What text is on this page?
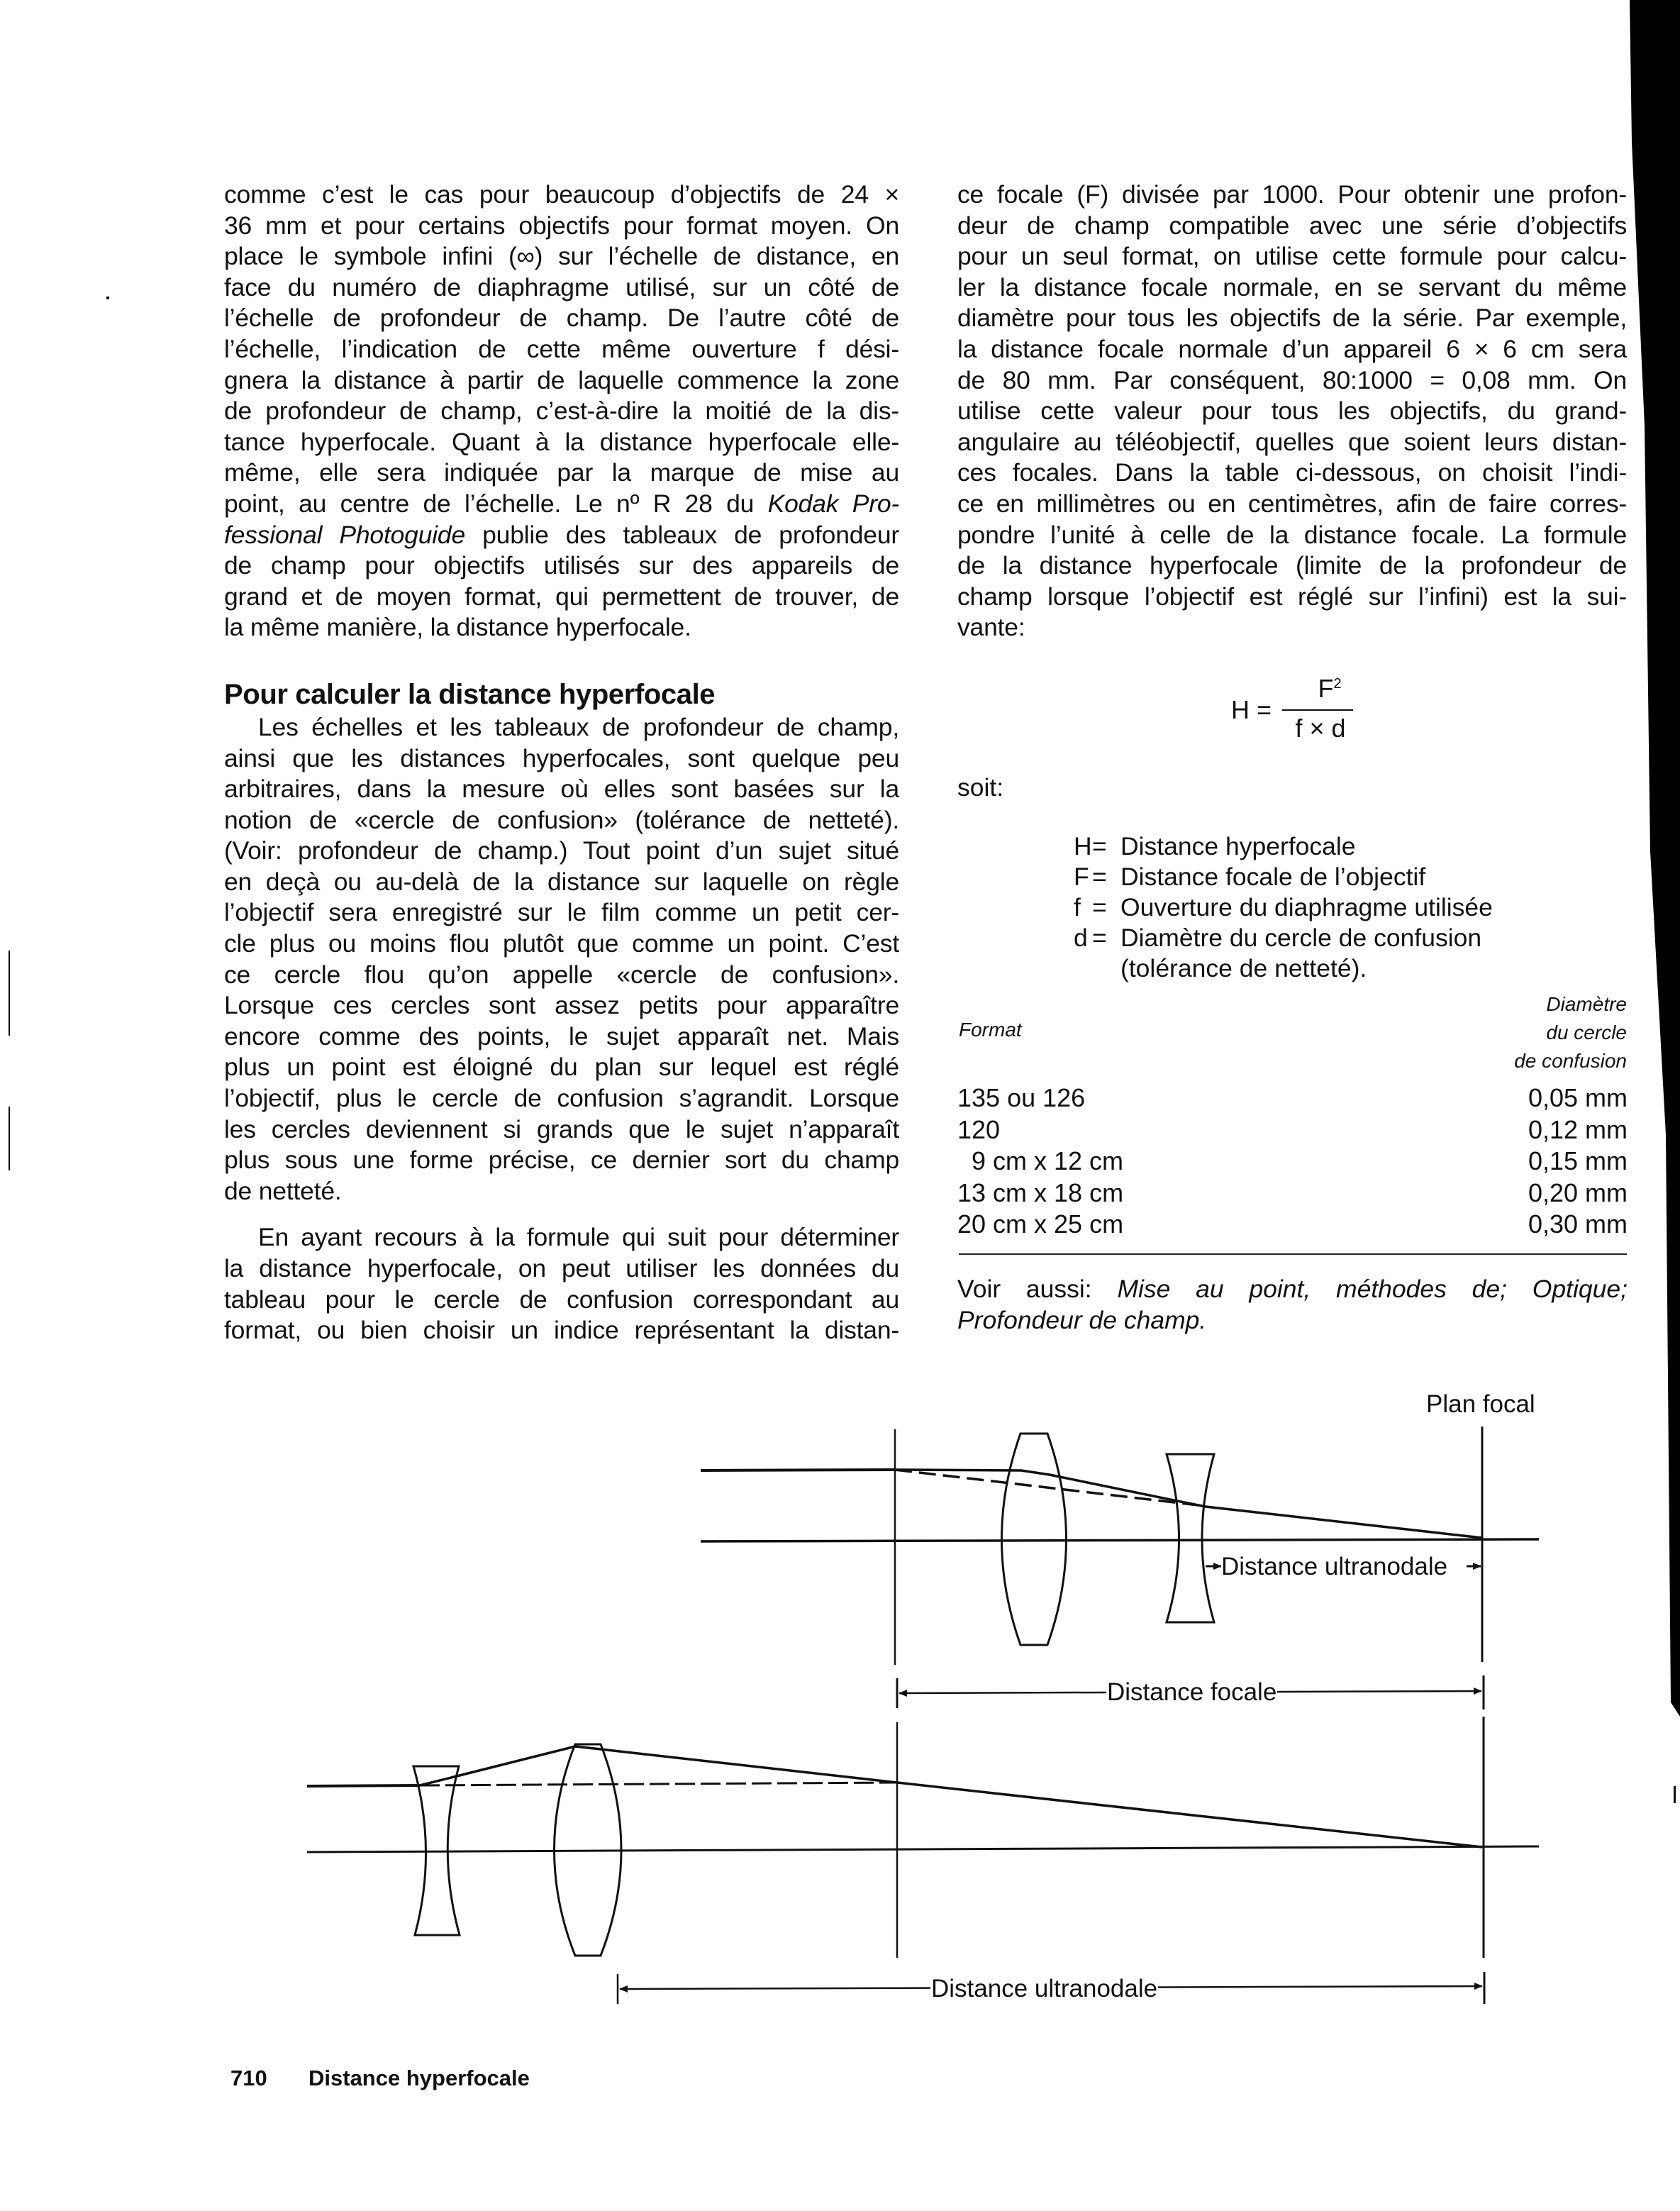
comme c’est le cas pour beaucoup d’objectifs de 24 ×
36 mm et pour certains objectifs pour format moyen. On
place le symbole infini (∞) sur l’échelle de distance, en
face du numéro de diaphragme utilisé, sur un côté de
l’échelle de profondeur de champ. De l’autre côté de
l’échelle, l’indication de cette même ouverture f dési-
gnera la distance à partir de laquelle commence la zone
de profondeur de champ, c’est-à-dire la moitié de la dis-
tance hyperfocale. Quant à la distance hyperfocale elle-
même, elle sera indiquée par la marque de mise au
point, au centre de l’échelle. Le nº R 28 du Kodak Pro-
fessional Photoguide publie des tableaux de profondeur
de champ pour objectifs utilisés sur des appareils de
grand et de moyen format, qui permettent de trouver, de
la même manière, la distance hyperfocale.
Pour calculer la distance hyperfocale
Les échelles et les tableaux de profondeur de champ,
ainsi que les distances hyperfocales, sont quelque peu
arbitraires, dans la mesure où elles sont basées sur la
notion de «cercle de confusion» (tolérance de netteté).
(Voir: profondeur de champ.) Tout point d’un sujet situé
en deçà ou au-delà de la distance sur laquelle on règle
l’objectif sera enregistré sur le film comme un petit cer-
cle plus ou moins flou plutôt que comme un point. C’est
ce cercle flou qu’on appelle «cercle de confusion».
Lorsque ces cercles sont assez petits pour apparaître
encore comme des points, le sujet apparaît net. Mais
plus un point est éloigné du plan sur lequel est réglé
l’objectif, plus le cercle de confusion s’agrandit. Lorsque
les cercles deviennent si grands que le sujet n’apparaît
plus sous une forme précise, ce dernier sort du champ
de netteté.
En ayant recours à la formule qui suit pour déterminer
la distance hyperfocale, on peut utiliser les données du
tableau pour le cercle de confusion correspondant au
format, ou bien choisir un indice représentant la distan-
ce focale (F) divisée par 1000. Pour obtenir une profon-
deur de champ compatible avec une série d’objectifs
pour un seul format, on utilise cette formule pour calcu-
ler la distance focale normale, en se servant du même
diamètre pour tous les objectifs de la série. Par exemple,
la distance focale normale d’un appareil 6 × 6 cm sera
de 80 mm. Par conséquent, 80:1000 = 0,08 mm. On
utilise cette valeur pour tous les objectifs, du grand-
angulaire au téléobjectif, quelles que soient leurs distan-
ces focales. Dans la table ci-dessous, on choisit l’indi-
ce en millimètres ou en centimètres, afin de faire corres-
pondre l’unité à celle de la distance focale. La formule
de la distance hyperfocale (limite de la profondeur de
champ lorsque l’objectif est réglé sur l’infini) est la sui-
vante:
H =
$F^2$
f × d
soit:
H= Distance hyperfocale
F = Distance focale de l’objectif
f = Ouverture du diaphragme utilisée
d = Diamètre du cercle de confusion
(tolérance de netteté).
Format
Diamètre
du cercle
de confusion
135 ou 126	0,05 mm
120	0,12 mm
9 cm x 12 cm	0,15 mm
13 cm x 18 cm	0,20 mm
20 cm x 25 cm	0,30 mm
Voir aussi: Mise au point, méthodes de; Optique;
Profondeur de champ.
Plan focal
Distance ultranodale
Distance focale
Distance ultranodale
710 Distance hyperfocale
